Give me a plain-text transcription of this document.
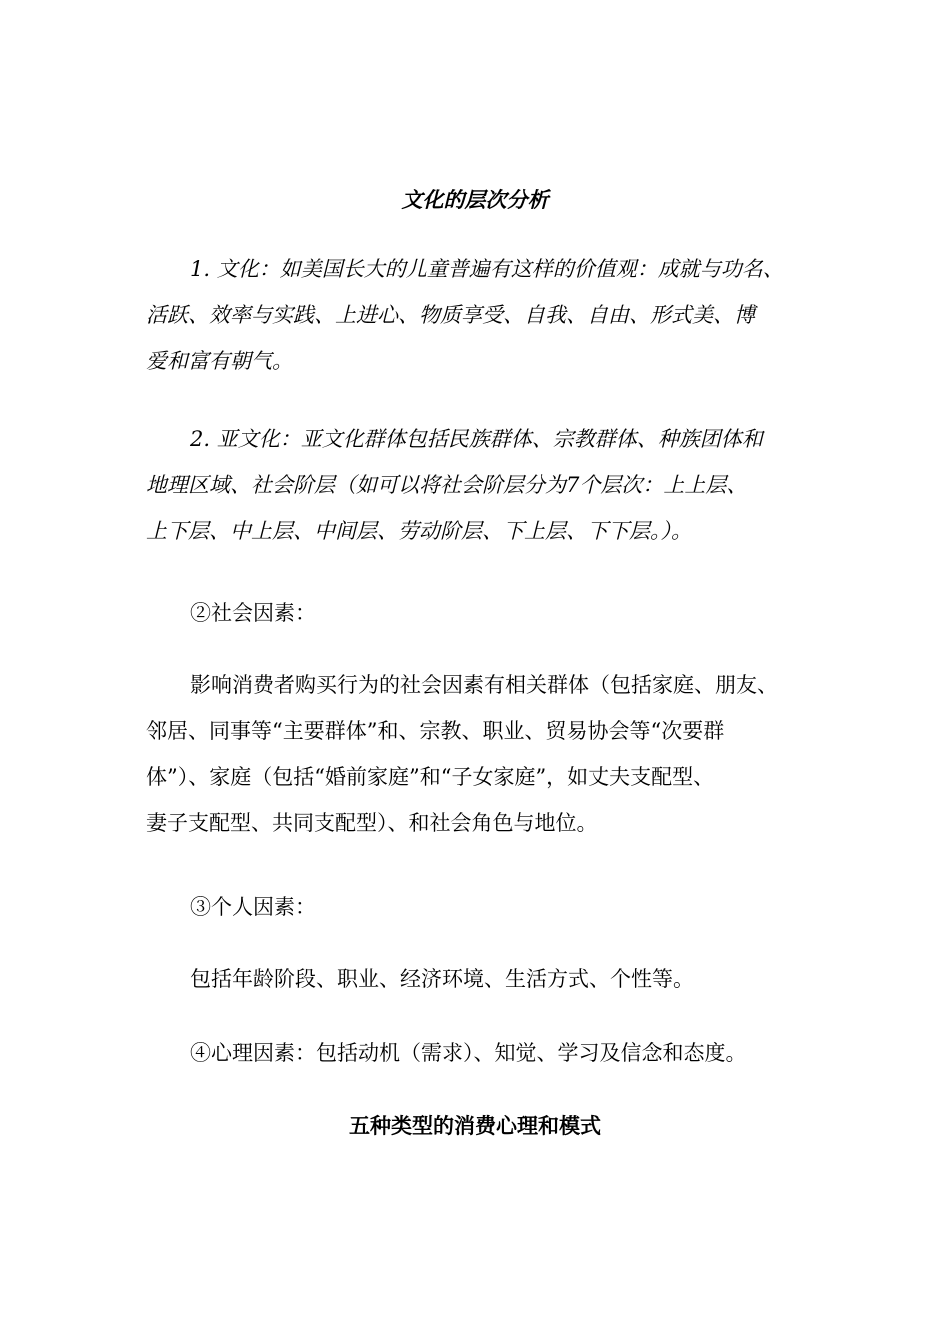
文化的层次分析
1. 文化：如美国长大的儿童普遍有这样的价值观：成就与功名、
活跃、效率与实践、上进心、物质享受、自我、自由、形式美、博
爱和富有朝气。
2. 亚文化：亚文化群体包括民族群体、宗教群体、种族团体和
地理区域、社会阶层（如可以将社会阶层分为7个层次：上上层、
上下层、中上层、中间层、劳动阶层、下上层、下下层。）。
②社会因素：
影响消费者购买行为的社会因素有相关群体（包括家庭、朋友、
邻居、同事等“主要群体”和、宗教、职业、贸易协会等“次要群
体”）、家庭（包括“婚前家庭”和“子女家庭”，如丈夫支配型、
妻子支配型、共同支配型）、和社会角色与地位。
③个人因素：
包括年龄阶段、职业、经济环境、生活方式、个性等。
④心理因素：包括动机（需求）、知觉、学习及信念和态度。
五种类型的消费心理和模式
